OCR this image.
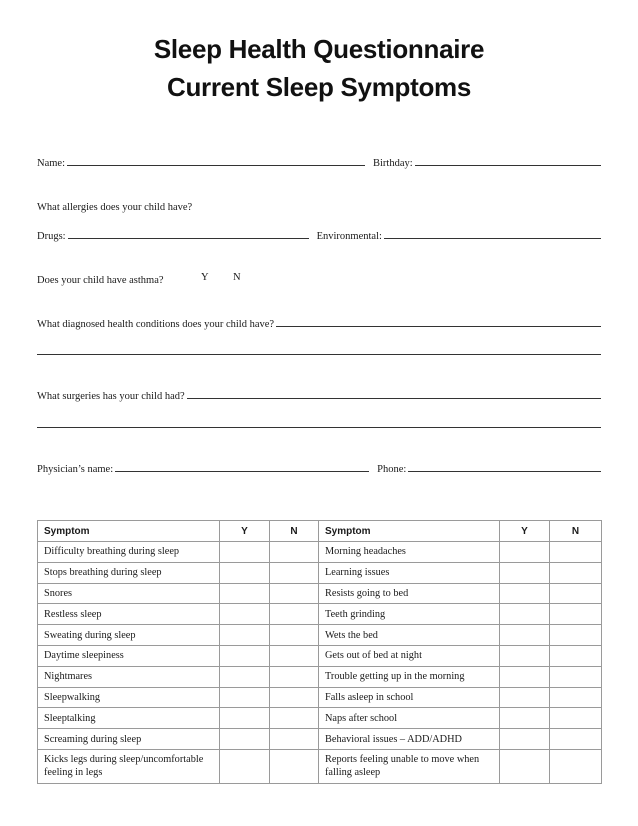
Sleep Health Questionnaire
Current Sleep Symptoms
Name:	Birthday:
What allergies does your child have?
Drugs:	Environmental:
Does your child have asthma?	Y N
What diagnosed health conditions does your child have?
What surgeries has your child had?
Physician’s name:	Phone:
Symptom	Y	N	Symptom	Y	N
Difficulty breathing during sleep			Morning headaches		
Stops breathing during sleep			Learning issues		
Snores			Resists going to bed		
Restless sleep			Teeth grinding		
Sweating during sleep			Wets the bed		
Daytime sleepiness			Gets out of bed at night		
Nightmares			Trouble getting up in the morning		
Sleepwalking			Falls asleep in school		
Sleeptalking			Naps after school		
Screaming during sleep			Behavioral issues – ADD/ADHD		
Kicks legs during sleep/uncomfortable feeling in legs			Reports feeling unable to move when falling asleep		
